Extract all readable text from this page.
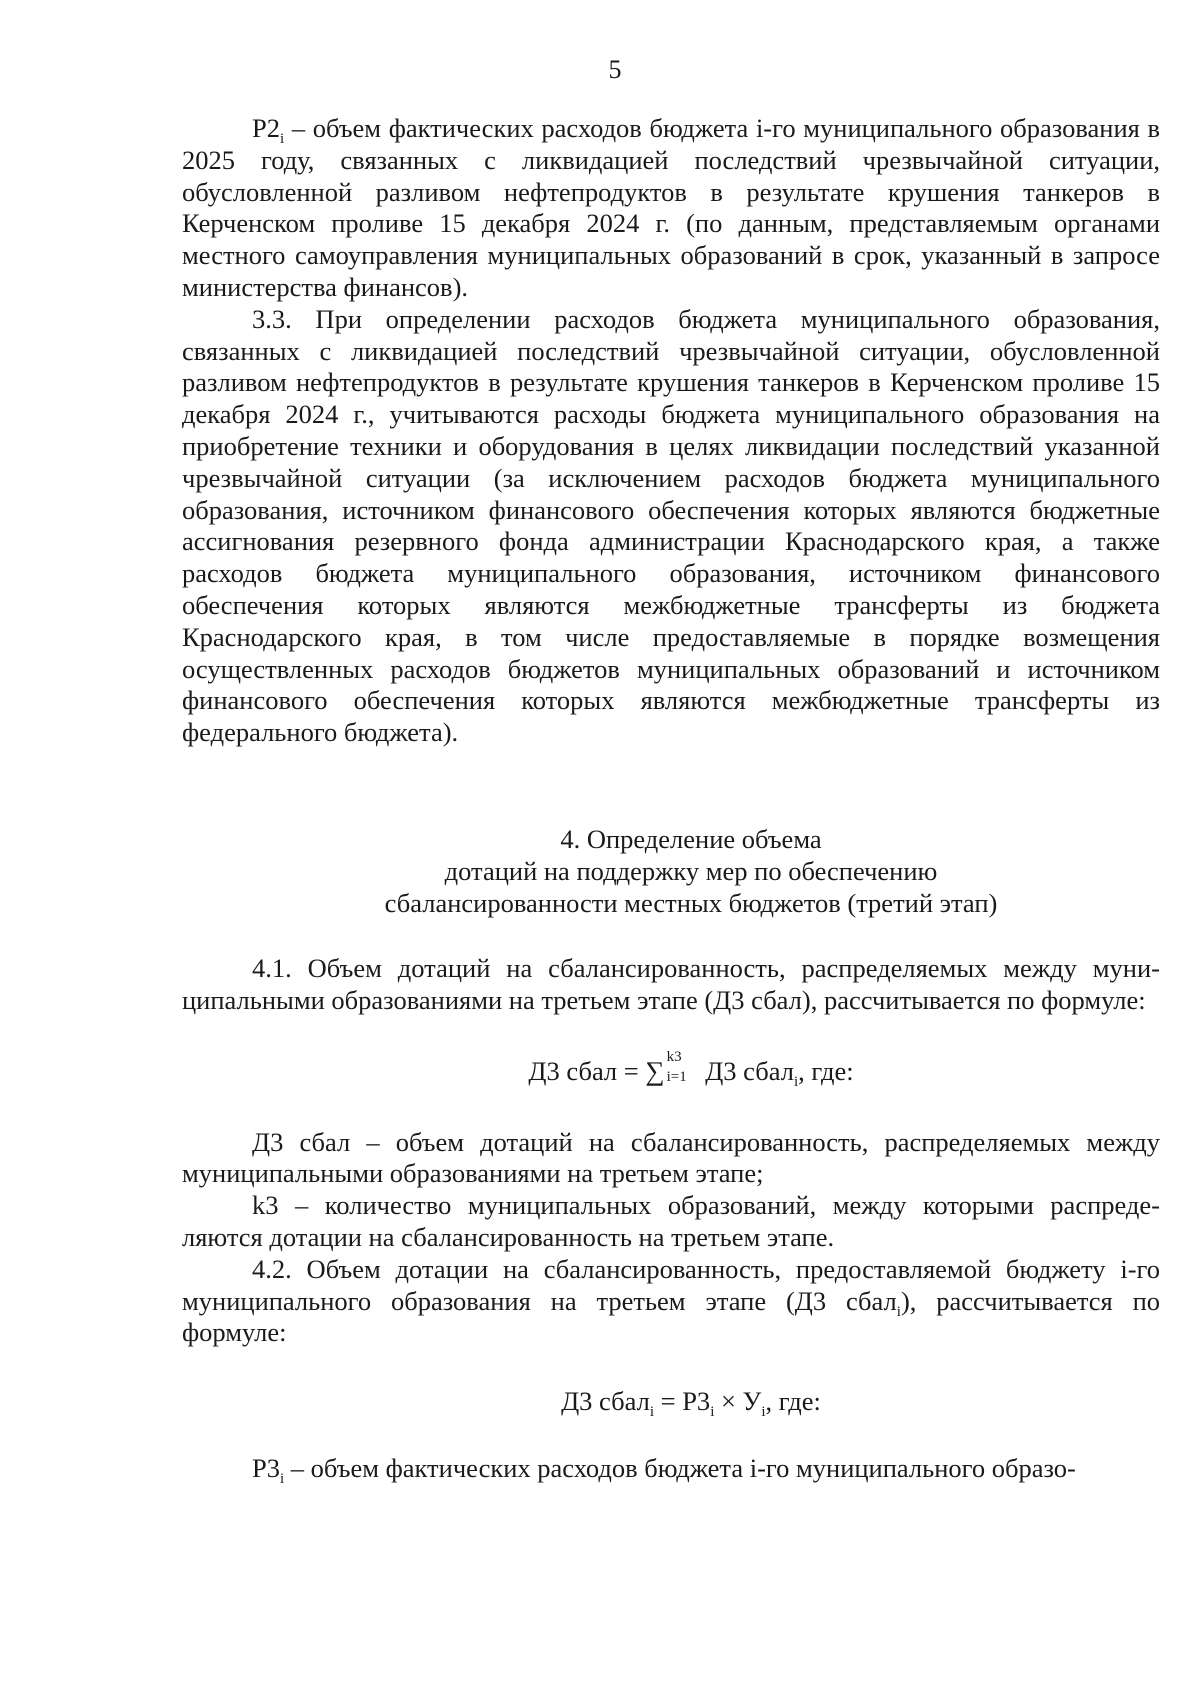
5

$Р2_i$ – объем фактических расходов бюджета i-го муниципального образования в 2025 году, связанных с ликвидацией последствий чрезвычайной ситуации, обусловленной разливом нефтепродуктов в результате крушения танкеров в Керченском проливе 15 декабря 2024 г. (по данным, представляемым органами местного самоуправления муниципальных образований в срок, указанный в запросе министерства финансов).

3.3. При определении расходов бюджета муниципального образования, связанных с ликвидацией последствий чрезвычайной ситуации, обусловленной разливом нефтепродуктов в результате крушения танкеров в Керченском проливе 15 декабря 2024 г., учитываются расходы бюджета муниципального образования на приобретение техники и оборудования в целях ликвидации последствий указанной чрезвычайной ситуации (за исключением расходов бюджета муниципального образования, источником финансового обеспечения которых являются бюджетные ассигнования резервного фонда администрации Краснодарского края, а также расходов бюджета муниципального образования, источником финансового обеспечения которых являются межбюджетные трансферты из бюджета Краснодарского края, в том числе предоставляемые в порядке возмещения осуществленных расходов бюджетов муниципальных образований и источником финансового обеспечения которых являются межбюджетные трансферты из федерального бюджета).

4. Определение объема
дотаций на поддержку мер по обеспечению
сбалансированности местных бюджетов (третий этап)

4.1. Объем дотаций на сбалансированность, распределяемых между муниципальными образованиями на третьем этапе (Д3 сбал), рассчитывается по формуле:

Д3 сбал = ∑ k3
i=1 Д3 сбал$_i$, где:

Д3 сбал – объем дотаций на сбалансированность, распределяемых между муниципальными образованиями на третьем этапе;

k3 – количество муниципальных образований, между которыми распределяются дотации на сбалансированность на третьем этапе.

4.2. Объем дотации на сбалансированность, предоставляемой бюджету i-го муниципального образования на третьем этапе (Д3 сбал$_i$), рассчитывается по формуле:

Д3 сбал$_i$ = $Р3_i \times У_i$, где:

$Р3_i$ – объем фактических расходов бюджета i-го муниципального образо-
